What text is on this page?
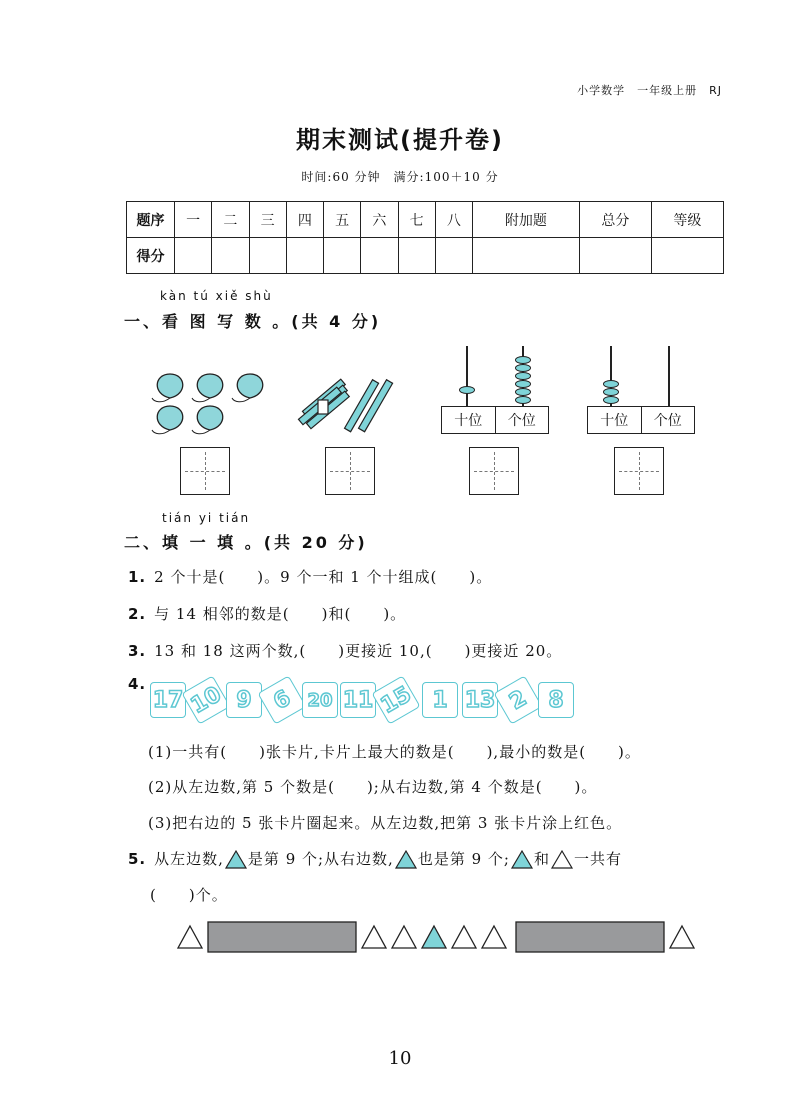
小学数学　一年级上册　RJ
期末测试(提升卷)
时间:60 分钟　满分:100＋10 分
题序	一	二	三	四	五	六	七	八	附加题	总分	等级
得分											
kàn tú xiě shù
一、看 图 写 数 。(共 4 分)
十位	个位	十位	个位
tián yi tián
二、填 一 填 。(共 20 分)
1. 2 个十是(　　)。9 个一和 1 个十组成(　　)。
2. 与 14 相邻的数是(　　)和(　　)。
3. 13 和 18 这两个数,(　　)更接近 10,(　　)更接近 20。
4.
17 10 9 6 20 11 15 1 13 2 8
(1)一共有(　　)张卡片,卡片上最大的数是(　　),最小的数是(　　)。
(2)从左边数,第 5 个数是(　　);从右边数,第 4 个数是(　　)。
(3)把右边的 5 张卡片圈起来。从左边数,把第 3 张卡片涂上红色。
5. 从左边数, 是第 9 个;从右边数, 也是第 9 个; 和 一共有
(　　)个。
10
